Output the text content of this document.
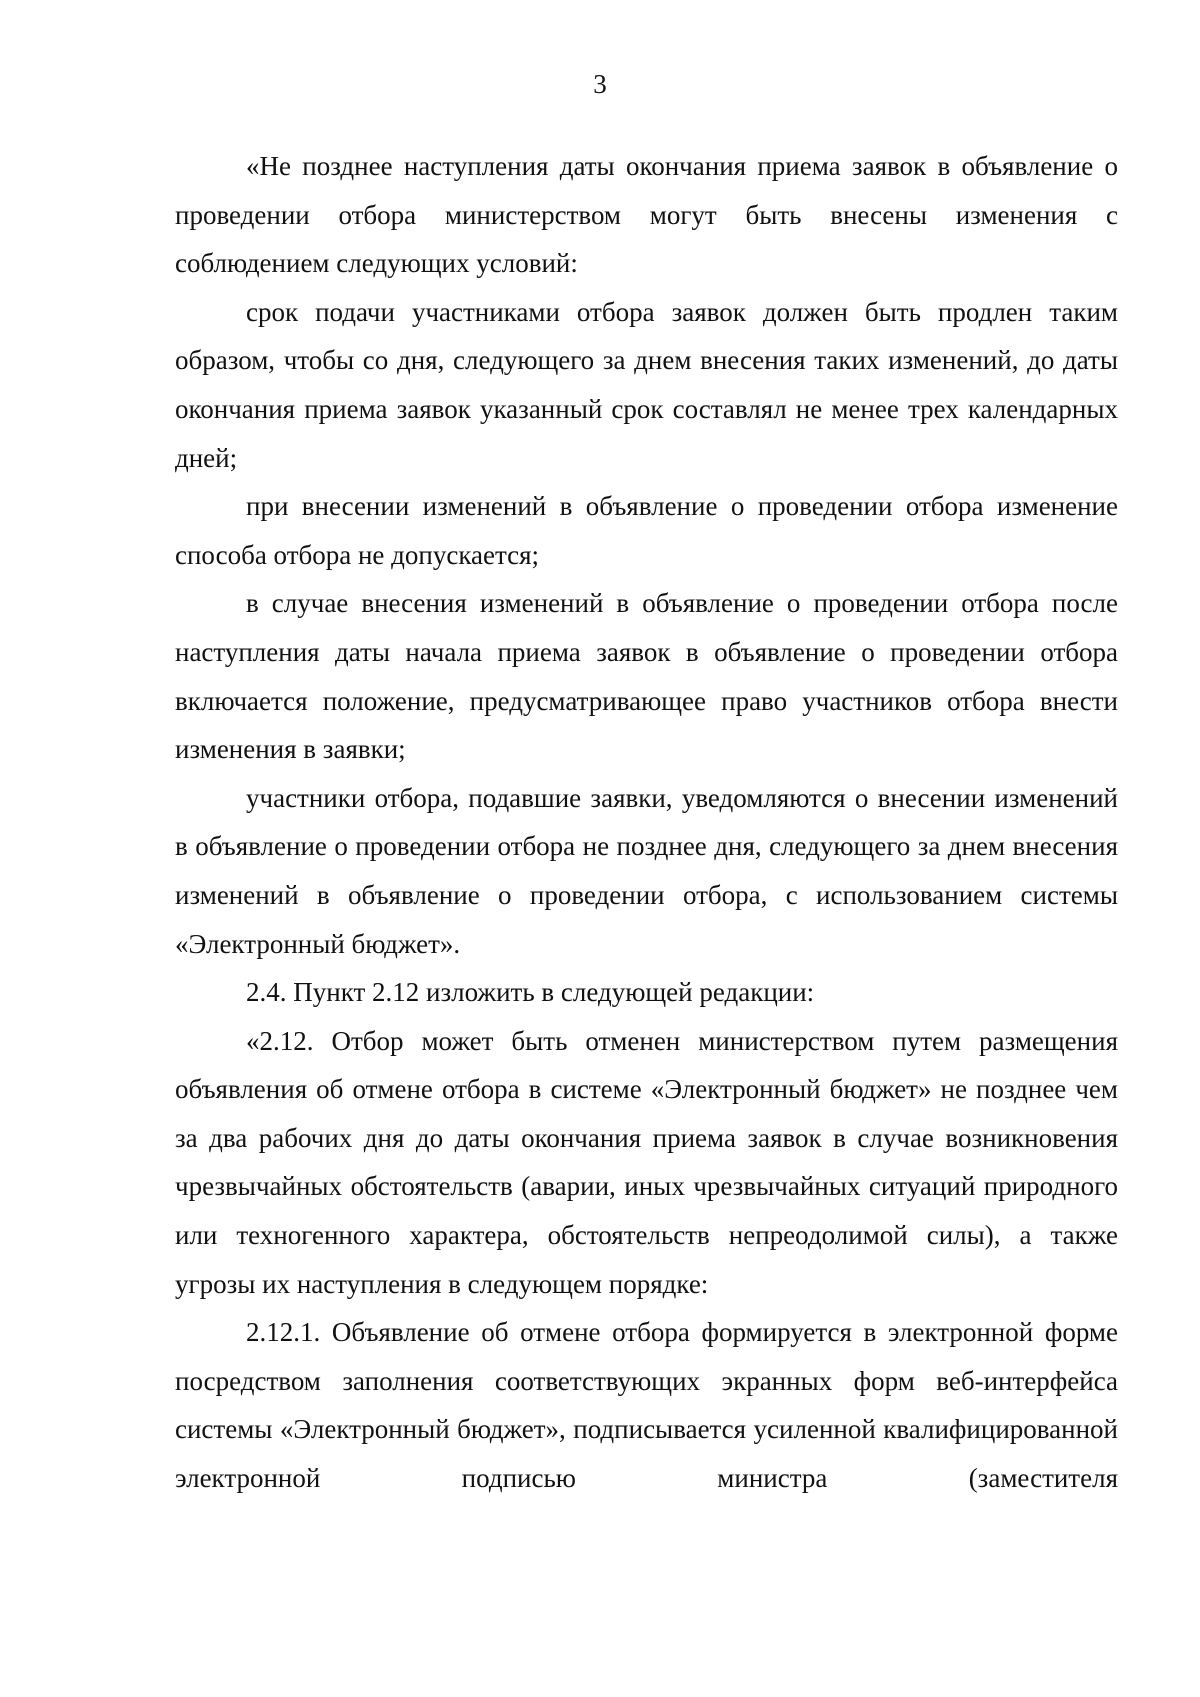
3

«Не позднее наступления даты окончания приема заявок в объявление о проведении отбора министерством могут быть внесены изменения с соблюдением следующих условий:

срок подачи участниками отбора заявок должен быть продлен таким образом, чтобы со дня, следующего за днем внесения таких изменений, до даты окончания приема заявок указанный срок составлял не менее трех календарных дней;

при внесении изменений в объявление о проведении отбора изменение способа отбора не допускается;

в случае внесения изменений в объявление о проведении отбора после наступления даты начала приема заявок в объявление о проведении отбора включается положение, предусматривающее право участников отбора внести изменения в заявки;

участники отбора, подавшие заявки, уведомляются о внесении изменений в объявление о проведении отбора не позднее дня, следующего за днем внесения изменений в объявление о проведении отбора, с использованием системы «Электронный бюджет».

2.4. Пункт 2.12 изложить в следующей редакции:

«2.12. Отбор может быть отменен министерством путем размещения объявления об отмене отбора в системе «Электронный бюджет» не позднее чем за два рабочих дня до даты окончания приема заявок в случае возникновения чрезвычайных обстоятельств (аварии, иных чрезвычайных ситуаций природного или техногенного характера, обстоятельств непреодолимой силы), а также угрозы их наступления в следующем порядке:

2.12.1. Объявление об отмене отбора формируется в электронной форме посредством заполнения соответствующих экранных форм веб-интерфейса системы «Электронный бюджет», подписывается усиленной квалифицированной электронной подписью министра (заместителя
